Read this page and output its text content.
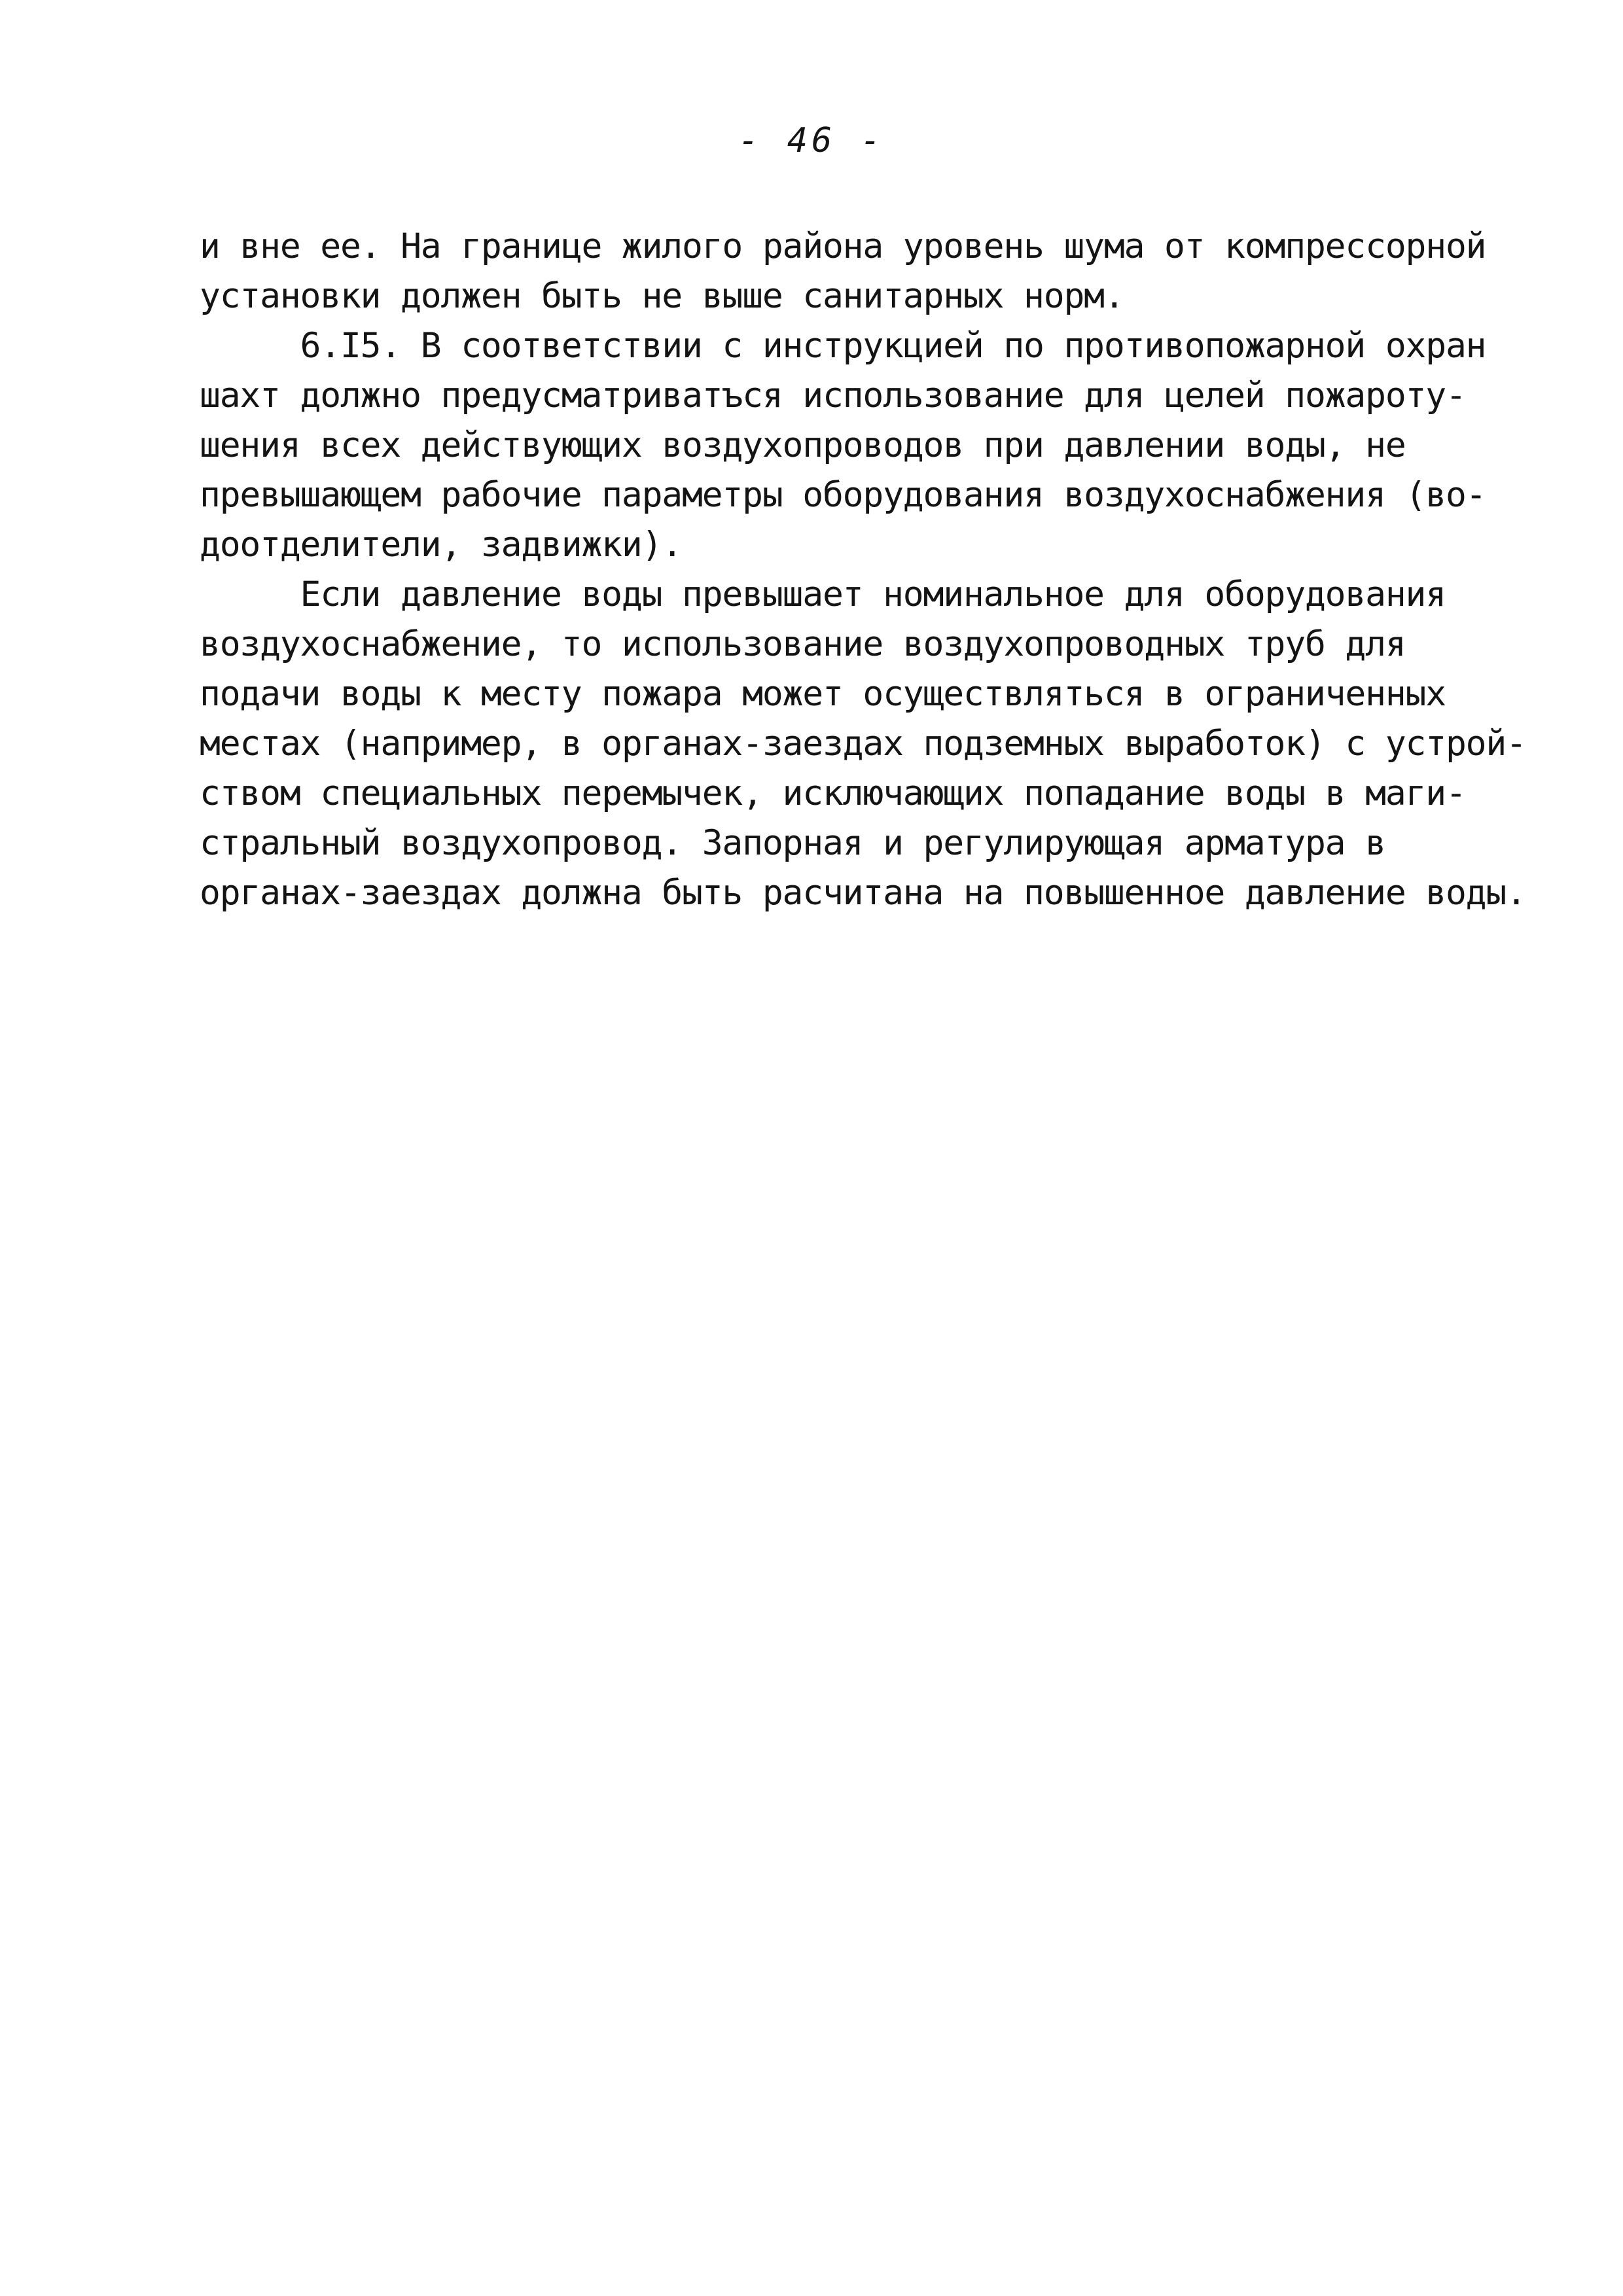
- 46 -
и вне ее. На границе жилого района уровень шума от компрессорной
установки должен быть не выше санитарных норм.
6.I5. В соответствии с инструкцией по противопожарной охран
шахт должно предусматриватъся использование для целей пожароту-
шения всех действующих воздухопроводов при давлении воды, не
превышающем рабочие параметры оборудования воздухоснабжения (во-
доотделители, задвижки).
Если давление воды превышает номинальное для оборудования
воздухоснабжение, то использование воздухопроводных труб для
подачи воды к месту пожара может осуществляться в ограниченных
местах (например, в органах-заездах подземных выработок) с устрой-
ством специальных перемычек, исключающих попадание воды в маги-
стральный воздухопровод. Запорная и регулирующая арматура в
органах-заездах должна быть расчитана на повышенное давление воды.
